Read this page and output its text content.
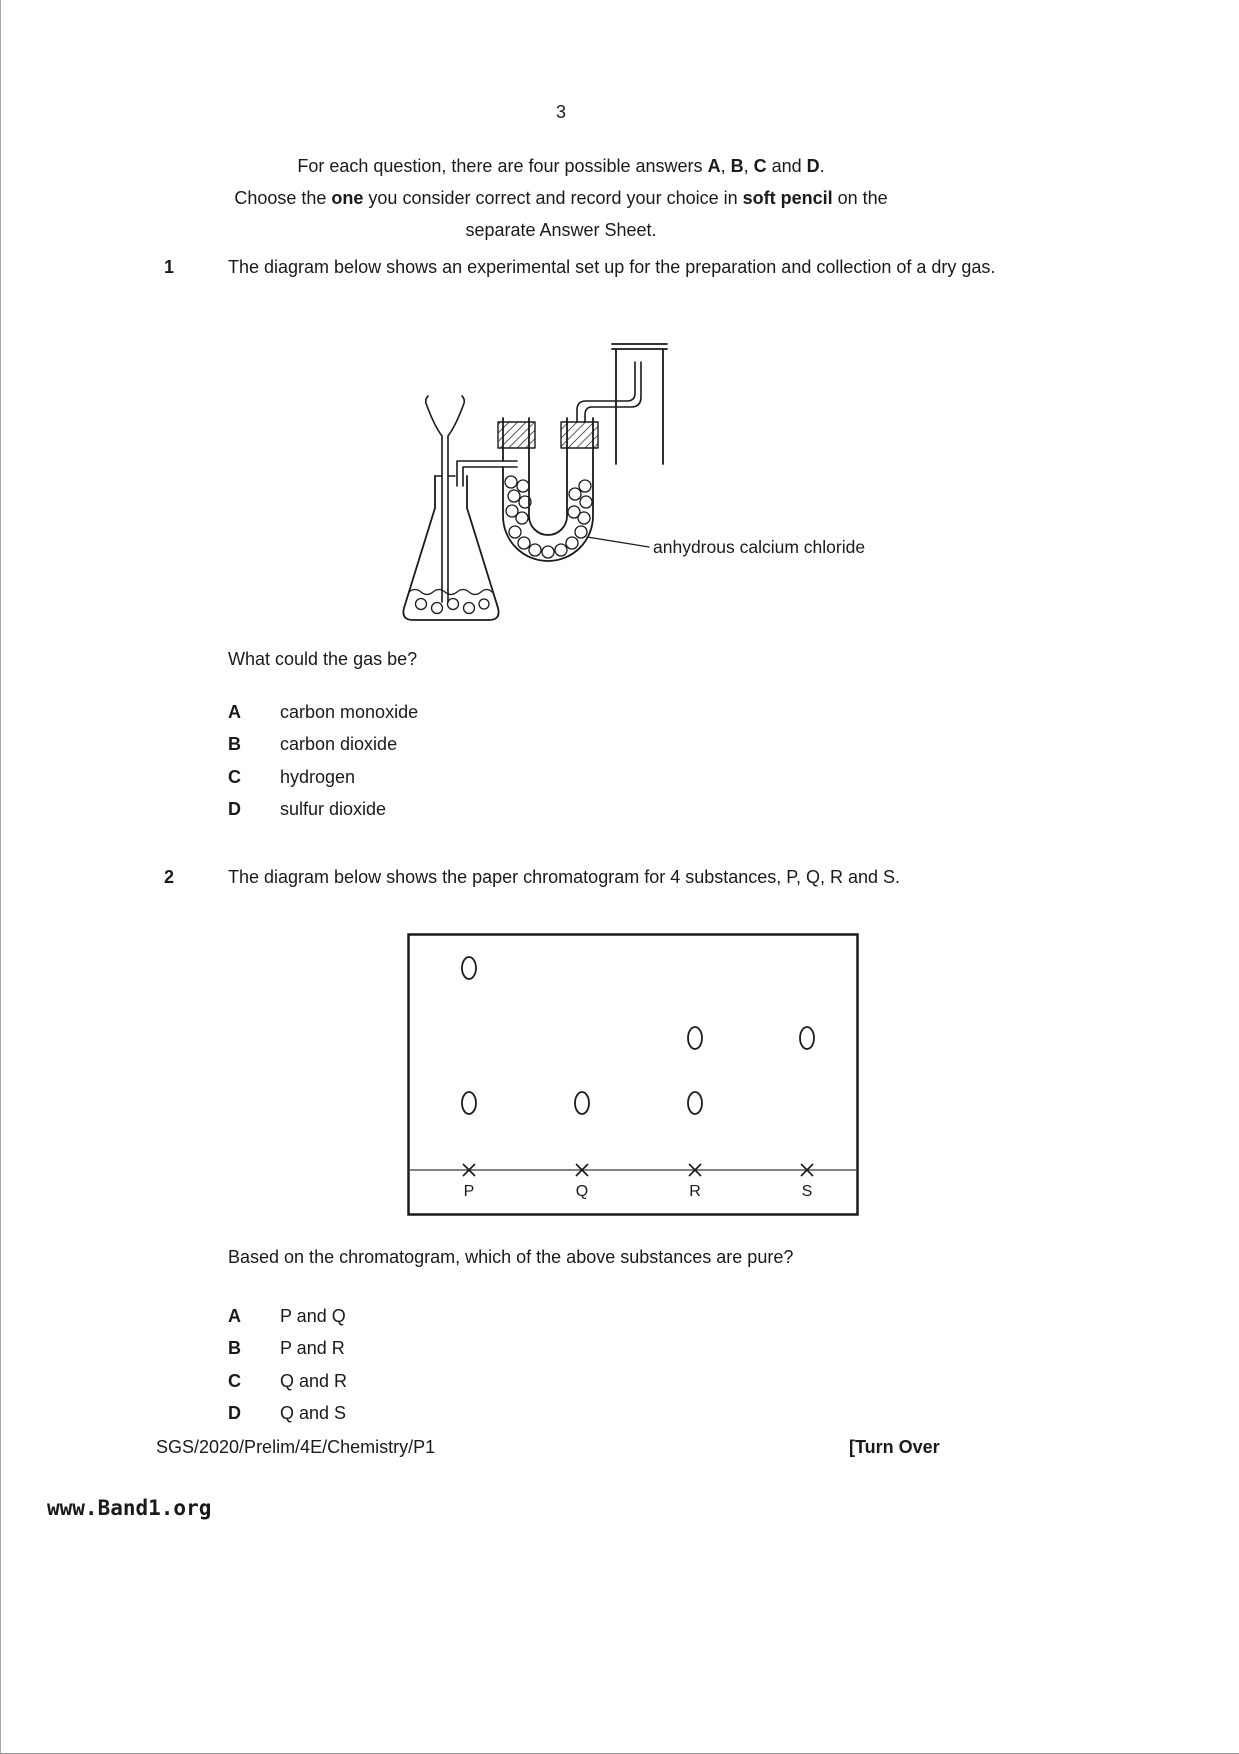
3
For each question, there are four possible answers A, B, C and D.
Choose the one you consider correct and record your choice in soft pencil on the
separate Answer Sheet.
1	The diagram below shows an experimental set up for the preparation and collection of a dry gas.
anhydrous calcium chloride
What could the gas be?
A	carbon monoxide
B	carbon dioxide
C	hydrogen
D	sulfur dioxide
2	The diagram below shows the paper chromatogram for 4 substances, P, Q, R and S.
P	Q	R	S
Based on the chromatogram, which of the above substances are pure?
A	P and Q
B	P and R
C	Q and R
D	Q and S
SGS/2020/Prelim/4E/Chemistry/P1	[Turn Over
www.Band1.org
